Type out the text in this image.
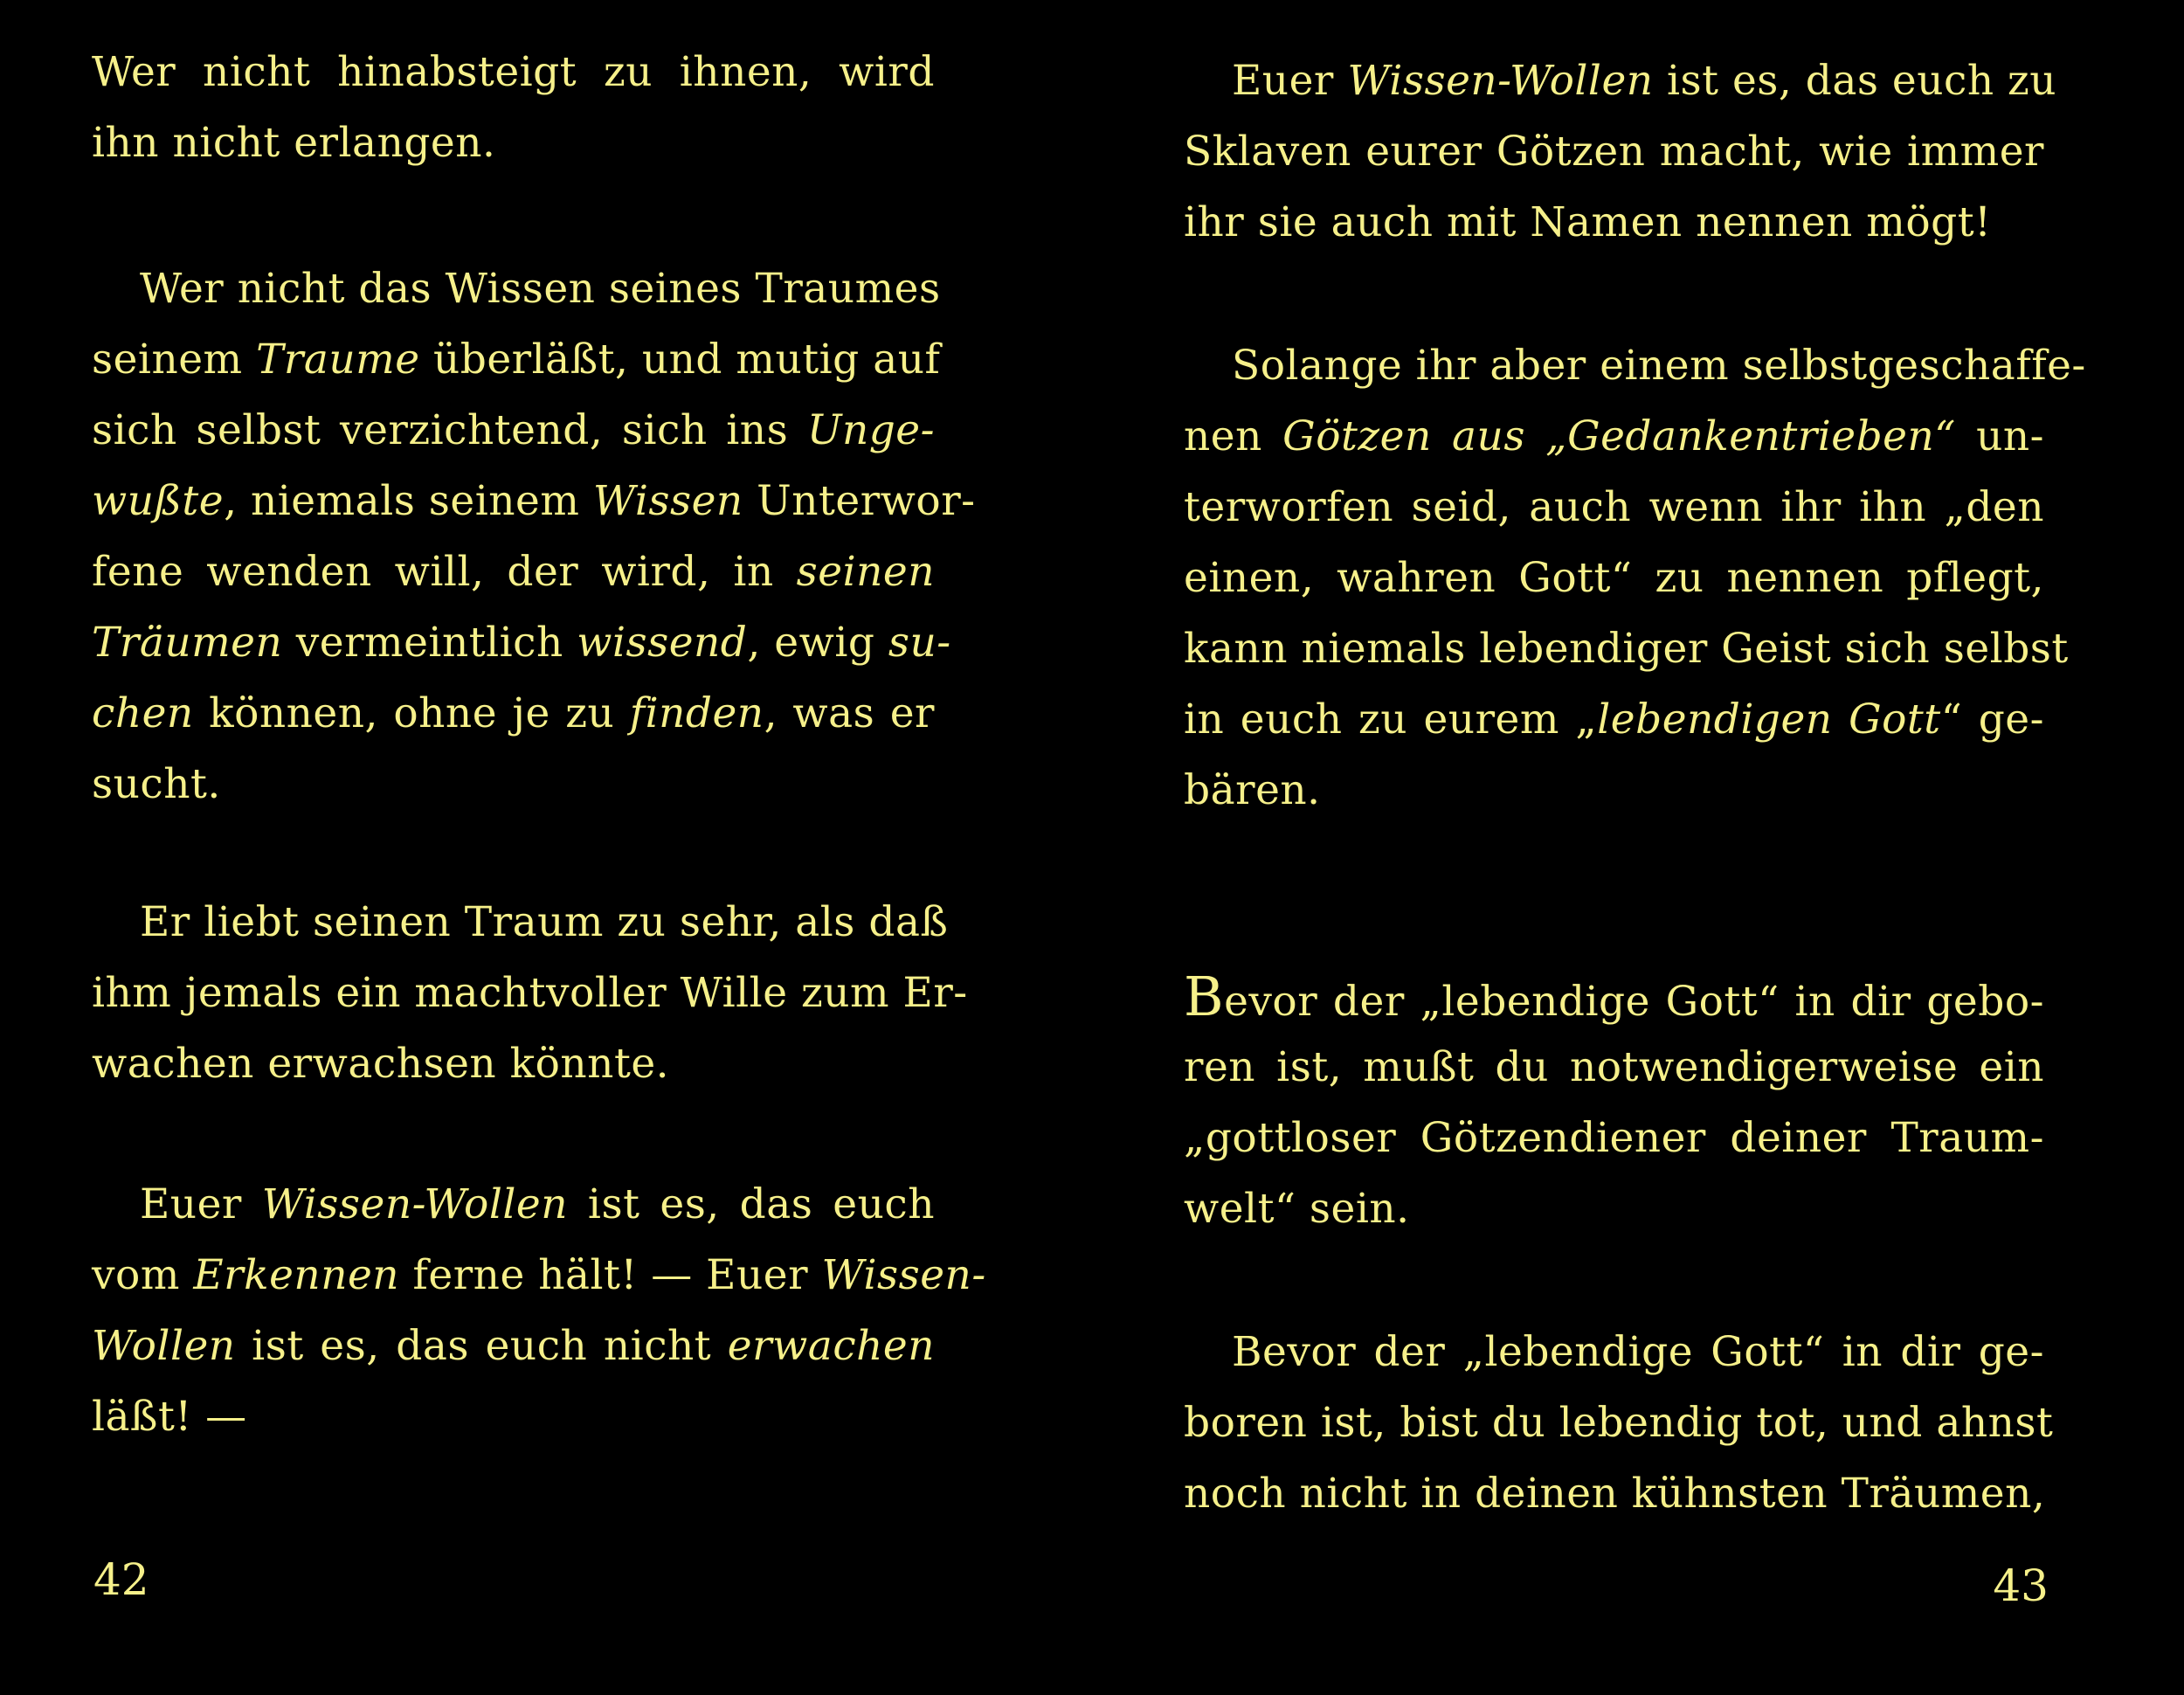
Wer nicht hinabsteigt zu ihnen, wird
ihn nicht erlangen.
Wer nicht das Wissen seines Traumes
seinem Traume überläßt, und mutig auf
sich selbst verzichtend, sich ins Unge-
wußte, niemals seinem Wissen Unterwor-
fene wenden will, der wird, in seinen
Träumen vermeintlich wissend, ewig su-
chen können, ohne je zu finden, was er
sucht.
Er liebt seinen Traum zu sehr, als daß
ihm jemals ein machtvoller Wille zum Er-
wachen erwachsen könnte.
Euer Wissen-Wollen ist es, das euch
vom Erkennen ferne hält! — Euer Wissen-
Wollen ist es, das euch nicht erwachen
läßt! —
42
Euer Wissen-Wollen ist es, das euch zu
Sklaven eurer Götzen macht, wie immer
ihr sie auch mit Namen nennen mögt!
Solange ihr aber einem selbstgeschaffe-
nen Götzen aus „Gedankentrieben“ un-
terworfen seid, auch wenn ihr ihn „den
einen, wahren Gott“ zu nennen pflegt,
kann niemals lebendiger Geist sich selbst
in euch zu eurem „lebendigen Gott“ ge-
bären.
Bevor der „lebendige Gott“ in dir gebo-
ren ist, mußt du notwendigerweise ein
„gottloser Götzendiener deiner Traum-
welt“ sein.
Bevor der „lebendige Gott“ in dir ge-
boren ist, bist du lebendig tot, und ahnst
noch nicht in deinen kühnsten Träumen,
43
